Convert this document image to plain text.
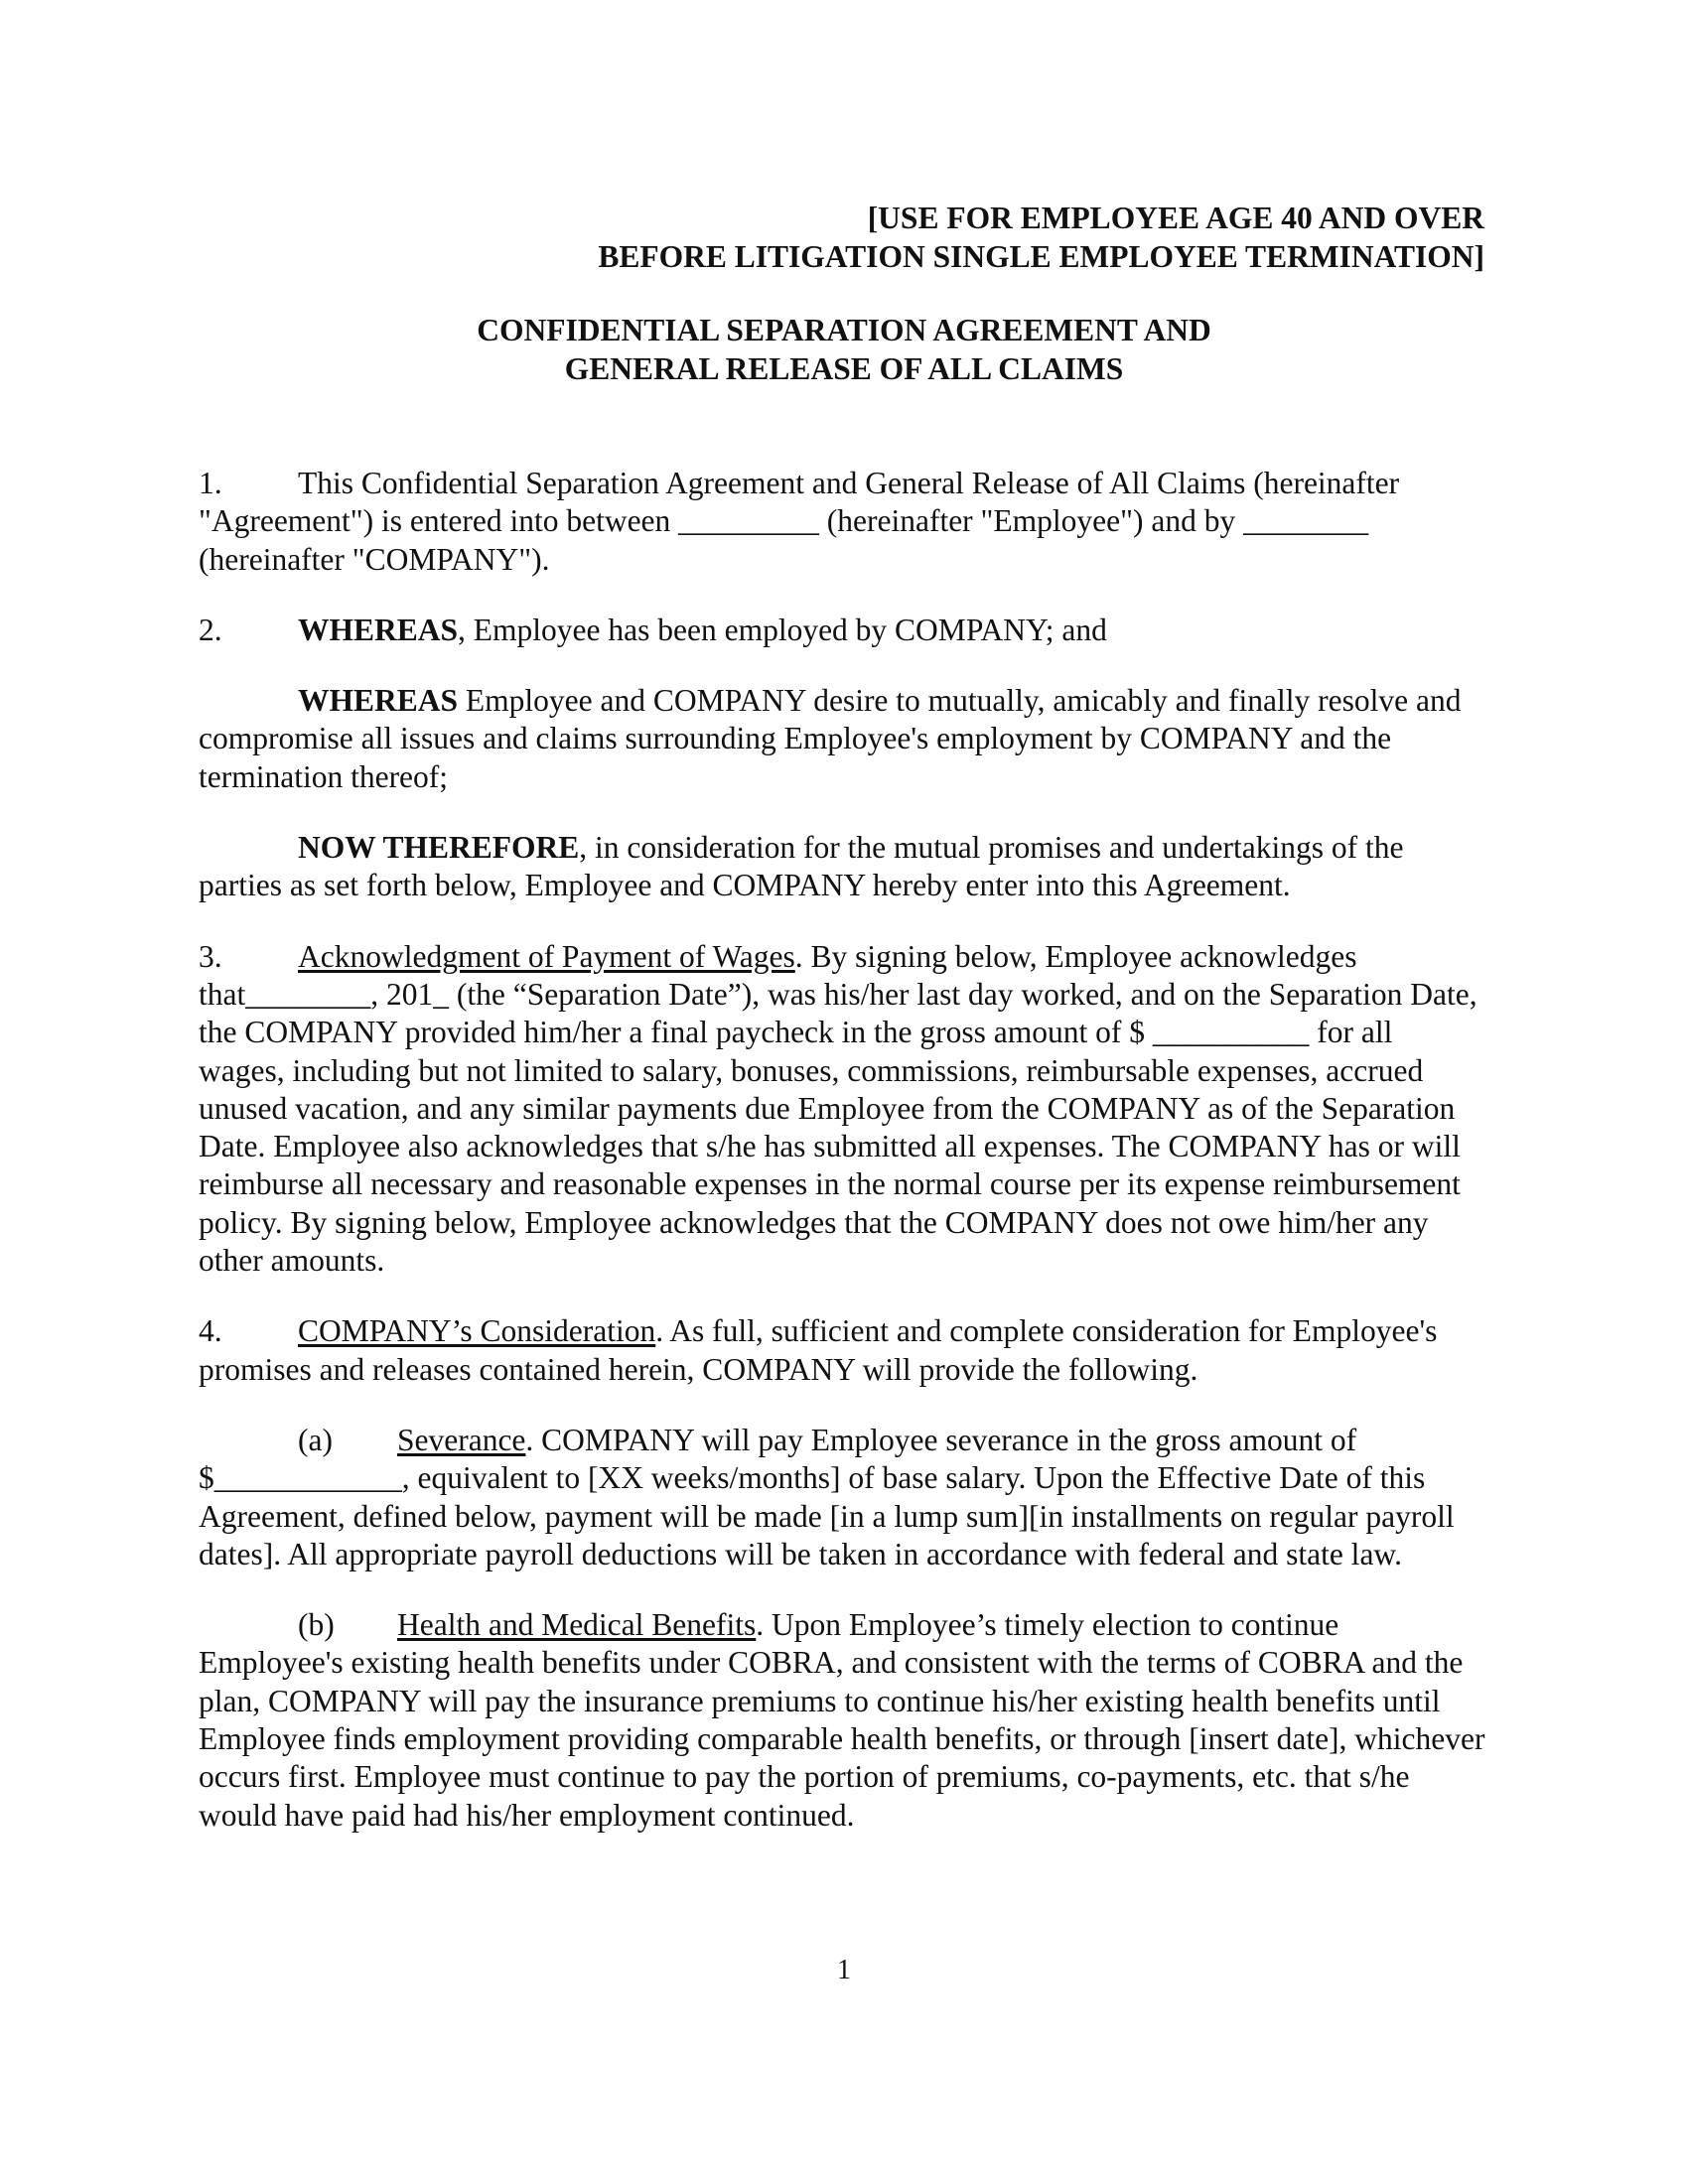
[USE FOR EMPLOYEE AGE 40 AND OVER
BEFORE LITIGATION SINGLE EMPLOYEE TERMINATION]
CONFIDENTIAL SEPARATION AGREEMENT AND
GENERAL RELEASE OF ALL CLAIMS

1. This Confidential Separation Agreement and General Release of All Claims (hereinafter "Agreement") is entered into between _________ (hereinafter "Employee") and by ________ (hereinafter "COMPANY").

2. WHEREAS, Employee has been employed by COMPANY; and

WHEREAS Employee and COMPANY desire to mutually, amicably and finally resolve and compromise all issues and claims surrounding Employee's employment by COMPANY and the termination thereof;

NOW THEREFORE, in consideration for the mutual promises and undertakings of the parties as set forth below, Employee and COMPANY hereby enter into this Agreement.

3. Acknowledgment of Payment of Wages. By signing below, Employee acknowledges that________, 201_ (the “Separation Date”), was his/her last day worked, and on the Separation Date, the COMPANY provided him/her a final paycheck in the gross amount of $ __________ for all wages, including but not limited to salary, bonuses, commissions, reimbursable expenses, accrued unused vacation, and any similar payments due Employee from the COMPANY as of the Separation Date. Employee also acknowledges that s/he has submitted all expenses. The COMPANY has or will reimburse all necessary and reasonable expenses in the normal course per its expense reimbursement policy. By signing below, Employee acknowledges that the COMPANY does not owe him/her any other amounts.

4. COMPANY’s Consideration. As full, sufficient and complete consideration for Employee's promises and releases contained herein, COMPANY will provide the following.

(a) Severance. COMPANY will pay Employee severance in the gross amount of $____________, equivalent to [XX weeks/months] of base salary. Upon the Effective Date of this Agreement, defined below, payment will be made [in a lump sum][in installments on regular payroll dates]. All appropriate payroll deductions will be taken in accordance with federal and state law.

(b) Health and Medical Benefits. Upon Employee’s timely election to continue Employee's existing health benefits under COBRA, and consistent with the terms of COBRA and the plan, COMPANY will pay the insurance premiums to continue his/her existing health benefits until Employee finds employment providing comparable health benefits, or through [insert date], whichever occurs first. Employee must continue to pay the portion of premiums, co-payments, etc. that s/he would have paid had his/her employment continued.

1
